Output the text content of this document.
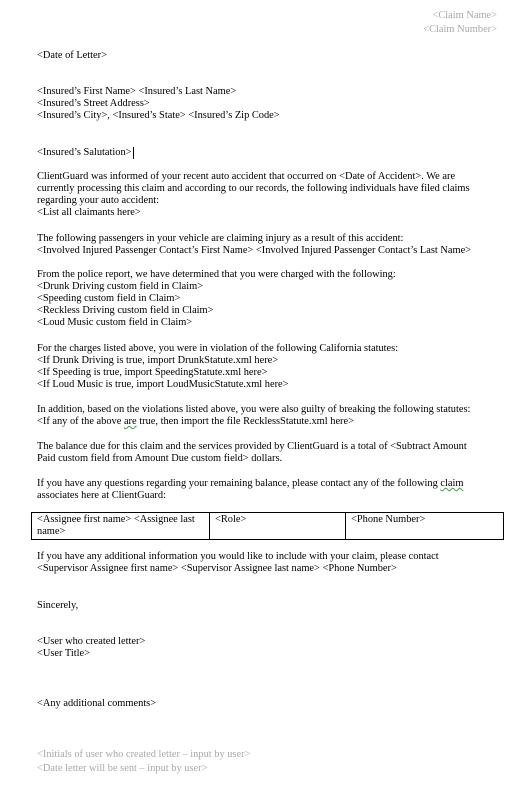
<Claim Name>
<Claim Number>
<Date of Letter>
<Insured’s First Name> <Insured’s Last Name>
<Insured’s Street Address>
<Insured’s City>, <Insured’s State> <Insured’s Zip Code>
<Insured’s Salutation>
ClientGuard was informed of your recent auto accident that occurred on <Date of Accident>. We are
currently processing this claim and according to our records, the following individuals have filed claims
regarding your auto accident:
<List all claimants here>
The following passengers in your vehicle are claiming injury as a result of this accident:
<Involved Injured Passenger Contact’s First Name> <Involved Injured Passenger Contact’s Last Name>
From the police report, we have determined that you were charged with the following:
<Drunk Driving custom field in Claim>
<Speeding custom field in Claim>
<Reckless Driving custom field in Claim>
<Loud Music custom field in Claim>
For the charges listed above, you were in violation of the following California statutes:
<If Drunk Driving is true, import DrunkStatute.xml here>
<If Speeding is true, import SpeedingStatute.xml here>
<If Loud Music is true, import LoudMusicStatute.xml here>
In addition, based on the violations listed above, you were also guilty of breaking the following statutes:
<If any of the above are true, then import the file RecklessStatute.xml here>
The balance due for this claim and the services provided by ClientGuard is a total of <Subtract Amount
Paid custom field from Amount Due custom field> dollars.
If you have any questions regarding your remaining balance, please contact any of the following claim
associates here at ClientGuard:
<Assignee first name> <Assignee last name>	<Role>	<Phone Number>
If you have any additional information you would like to include with your claim, please contact
<Supervisor Assignee first name> <Supervisor Assignee last name> <Phone Number>
Sincerely,
<User who created letter>
<User Title>
<Any additional comments>
<Initials of user who created letter – input by user>
<Date letter will be sent – input by user>
